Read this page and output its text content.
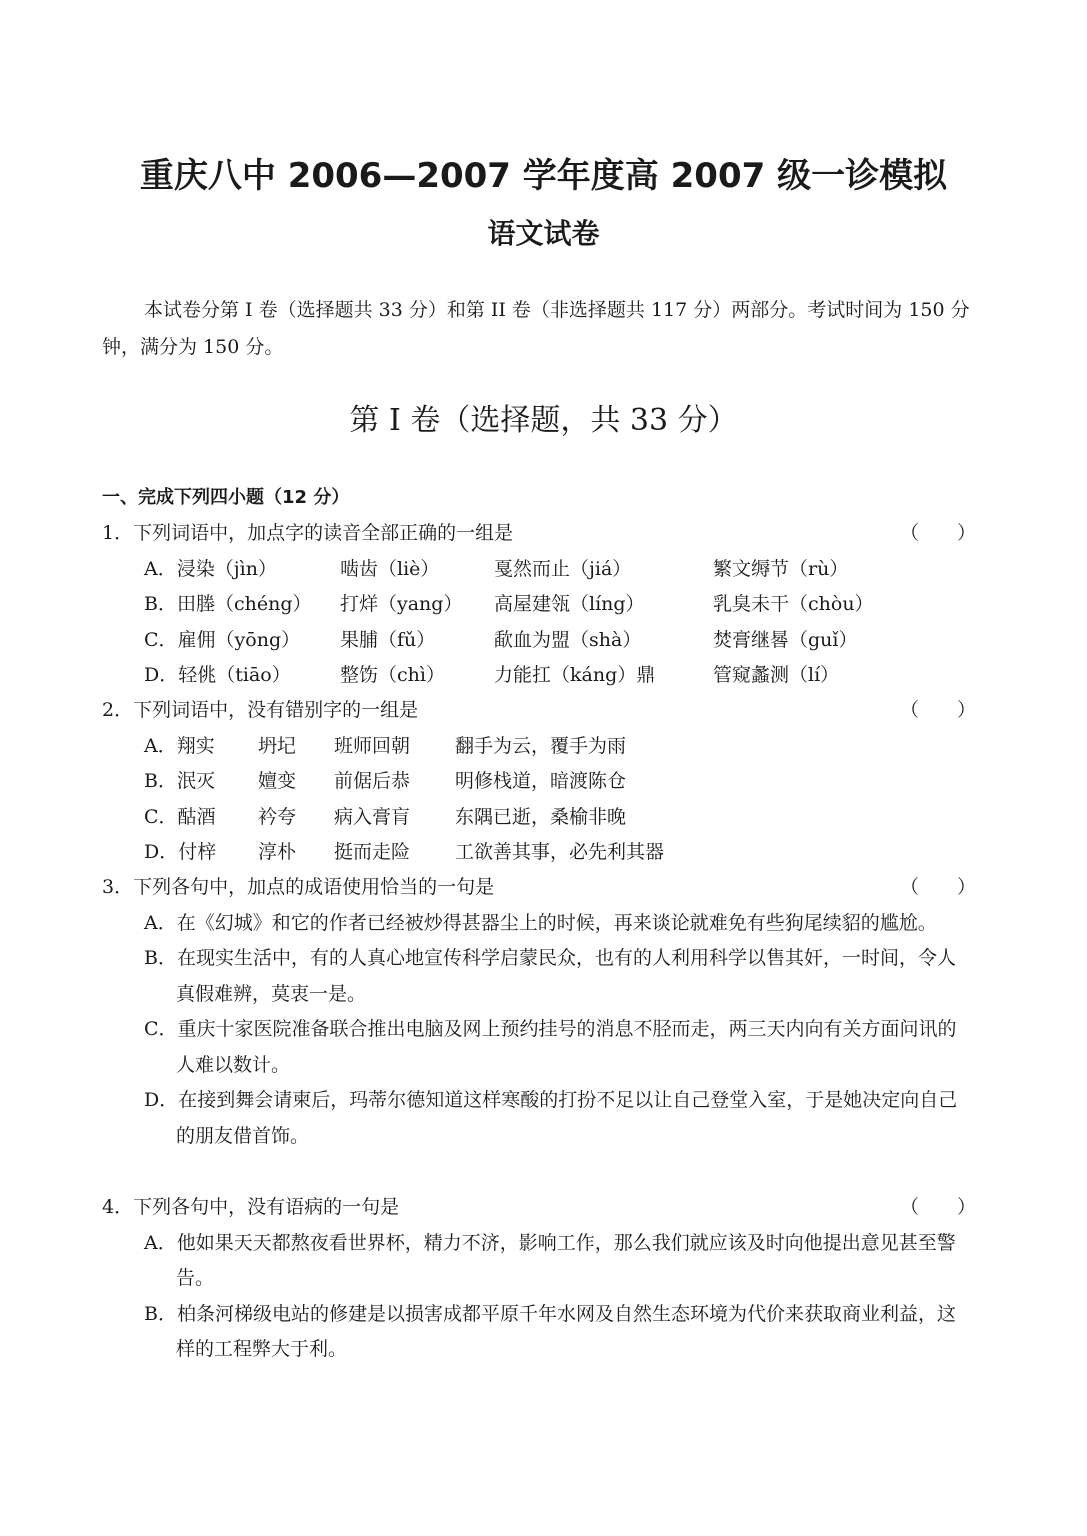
重庆八中 2006—2007 学年度高 2007 级一诊模拟
语文试卷
本试卷分第 I 卷（选择题共 33 分）和第 II 卷（非选择题共 117 分）两部分。考试时间为 150 分钟，满分为 150 分。
第 I 卷（选择题，共 33 分）
一、完成下列四小题（12 分）
1．下列词语中，加点字的读音全部正确的一组是	（　　）
A．浸染（jìn）	啮齿（liè）	戛然而止（jiá）	繁文缛节（rù）
B．田塍（chéng） 打烊（yang） 高屋建瓴（líng）	乳臭未干（chòu）
C．雇佣（yōng） 果脯（fǔ）	歃血为盟（shà）	焚膏继晷（guǐ）
D．轻佻（tiāo）	整饬（chì）	力能扛（káng）鼎	管窥蠡测（lí）
2．下列词语中，没有错别字的一组是	（　　）
A．翔实 坍圮 班师回朝 翻手为云，覆手为雨
B．泯灭 嬗变 前倨后恭 明修栈道，暗渡陈仓
C．酤酒 衿夸 病入膏肓 东隅已逝，桑榆非晚
D．付梓 淳朴 挺而走险 工欲善其事，必先利其器
3．下列各句中，加点的成语使用恰当的一句是	（　　）
A．在《幻城》和它的作者已经被炒得甚器尘上的时候，再来谈论就难免有些狗尾续貂的尴尬。
B．在现实生活中，有的人真心地宣传科学启蒙民众，也有的人利用科学以售其奸，一时间，令人真假难辨，莫衷一是。
C．重庆十家医院准备联合推出电脑及网上预约挂号的消息不胫而走，两三天内向有关方面问讯的人难以数计。
D．在接到舞会请柬后，玛蒂尔德知道这样寒酸的打扮不足以让自己登堂入室，于是她决定向自己的朋友借首饰。
4．下列各句中，没有语病的一句是	（　　）
A．他如果天天都熬夜看世界杯，精力不济，影响工作，那么我们就应该及时向他提出意见甚至警告。
B．柏条河梯级电站的修建是以损害成都平原千年水网及自然生态环境为代价来获取商业利益，这样的工程弊大于利。
